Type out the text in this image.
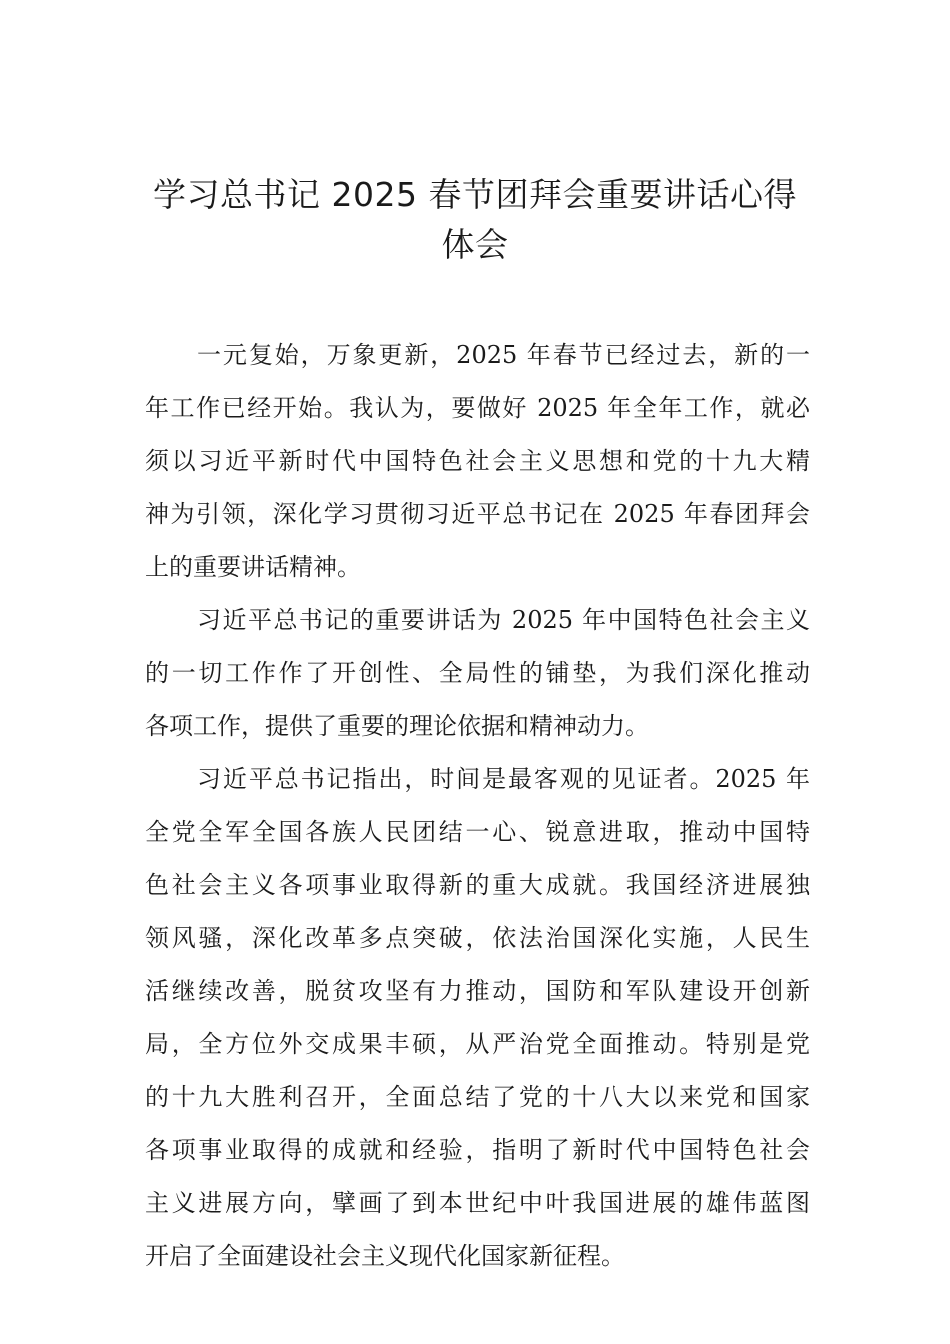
学习总书记 2025 春节团拜会重要讲话心得
体会
一元复始，万象更新，2025 年春节已经过去，新的一
年工作已经开始。我认为，要做好 2025 年全年工作，就必
须以习近平新时代中国特色社会主义思想和党的十九大精
神为引领，深化学习贯彻习近平总书记在 2025 年春团拜会
上的重要讲话精神。
习近平总书记的重要讲话为 2025 年中国特色社会主义
的一切工作作了开创性、全局性的铺垫，为我们深化推动
各项工作，提供了重要的理论依据和精神动力。
习近平总书记指出，时间是最客观的见证者。2025 年
全党全军全国各族人民团结一心、锐意进取，推动中国特
色社会主义各项事业取得新的重大成就。我国经济进展独
领风骚，深化改革多点突破，依法治国深化实施，人民生
活继续改善，脱贫攻坚有力推动，国防和军队建设开创新
局，全方位外交成果丰硕，从严治党全面推动。特别是党
的十九大胜利召开，全面总结了党的十八大以来党和国家
各项事业取得的成就和经验，指明了新时代中国特色社会
主义进展方向，擘画了到本世纪中叶我国进展的雄伟蓝图
开启了全面建设社会主义现代化国家新征程。
